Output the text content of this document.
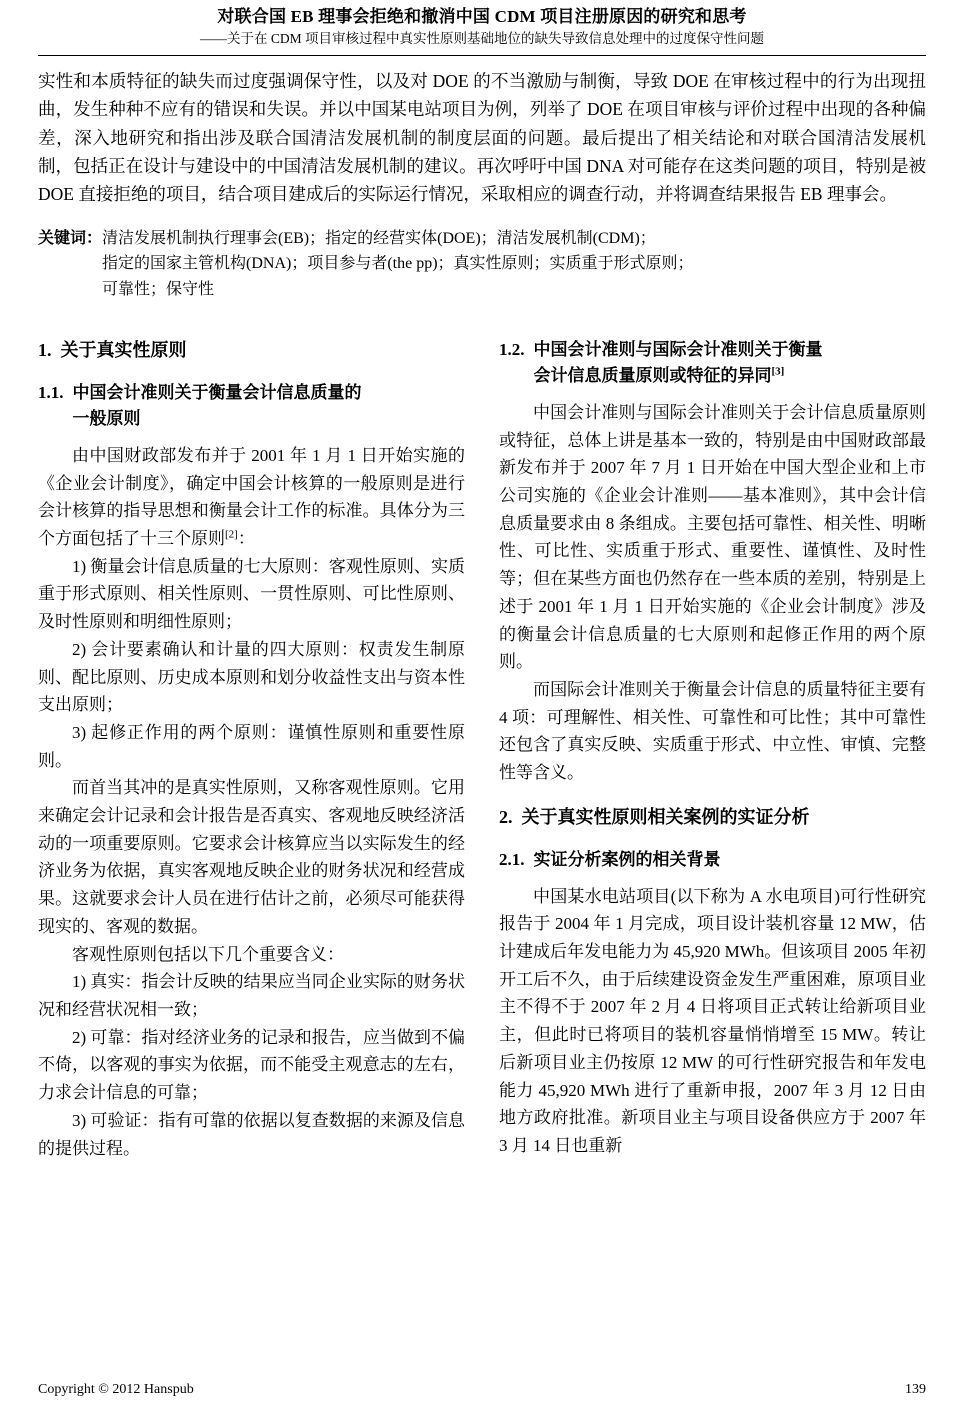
对联合国 EB 理事会拒绝和撤消中国 CDM 项目注册原因的研究和思考
——关于在 CDM 项目审核过程中真实性原则基础地位的缺失导致信息处理中的过度保守性问题

实性和本质特征的缺失而过度强调保守性，以及对 DOE 的不当激励与制衡，导致 DOE 在审核过程中的行为出现扭曲，发生种种不应有的错误和失误。并以中国某电站项目为例，列举了 DOE 在项目审核与评价过程中出现的各种偏差，深入地研究和指出涉及联合国清洁发展机制的制度层面的问题。最后提出了相关结论和对联合国清洁发展机制，包括正在设计与建设中的中国清洁发展机制的建议。再次呼吁中国 DNA 对可能存在这类问题的项目，特别是被 DOE 直接拒绝的项目，结合项目建成后的实际运行情况，采取相应的调查行动，并将调查结果报告 EB 理事会。

关键词： 清洁发展机制执行理事会(EB)；指定的经营实体(DOE)；清洁发展机制(CDM)；
指定的国家主管机构(DNA)；项目参与者(the pp)；真实性原则；实质重于形式原则；
可靠性；保守性
1. 关于真实性原则
1.1. 中国会计准则关于衡量会计信息质量的
一般原则

由中国财政部发布并于 2001 年 1 月 1 日开始实施的《企业会计制度》，确定中国会计核算的一般原则是进行会计核算的指导思想和衡量会计工作的标准。具体分为三个方面包括了十三个原则[2]：

1) 衡量会计信息质量的七大原则：客观性原则、实质重于形式原则、相关性原则、一贯性原则、可比性原则、及时性原则和明细性原则；

2) 会计要素确认和计量的四大原则：权责发生制原则、配比原则、历史成本原则和划分收益性支出与资本性支出原则；

3) 起修正作用的两个原则：谨慎性原则和重要性原则。

而首当其冲的是真实性原则，又称客观性原则。它用来确定会计记录和会计报告是否真实、客观地反映经济活动的一项重要原则。它要求会计核算应当以实际发生的经济业务为依据，真实客观地反映企业的财务状况和经营成果。这就要求会计人员在进行估计之前，必须尽可能获得现实的、客观的数据。

客观性原则包括以下几个重要含义：

1) 真实：指会计反映的结果应当同企业实际的财务状况和经营状况相一致；

2) 可靠：指对经济业务的记录和报告，应当做到不偏不倚，以客观的事实为依据，而不能受主观意志的左右，力求会计信息的可靠；

3) 可验证：指有可靠的依据以复查数据的来源及信息的提供过程。

1.2. 中国会计准则与国际会计准则关于衡量
会计信息质量原则或特征的异同[3]

中国会计准则与国际会计准则关于会计信息质量原则或特征，总体上讲是基本一致的，特别是由中国财政部最新发布并于 2007 年 7 月 1 日开始在中国大型企业和上市公司实施的《企业会计准则——基本准则》，其中会计信息质量要求由 8 条组成。主要包括可靠性、相关性、明晰性、可比性、实质重于形式、重要性、谨慎性、及时性等；但在某些方面也仍然存在一些本质的差别，特别是上述于 2001 年 1 月 1 日开始实施的《企业会计制度》涉及的衡量会计信息质量的七大原则和起修正作用的两个原则。

而国际会计准则关于衡量会计信息的质量特征主要有 4 项：可理解性、相关性、可靠性和可比性；其中可靠性还包含了真实反映、实质重于形式、中立性、审慎、完整性等含义。

2. 关于真实性原则相关案例的实证分析
2.1. 实证分析案例的相关背景

中国某水电站项目(以下称为 A 水电项目)可行性研究报告于 2004 年 1 月完成，项目设计装机容量 12 MW，估计建成后年发电能力为 45,920 MWh。但该项目 2005 年初开工后不久，由于后续建设资金发生严重困难，原项目业主不得不于 2007 年 2 月 4 日将项目正式转让给新项目业主，但此时已将项目的装机容量悄悄增至 15 MW。转让后新项目业主仍按原 12 MW 的可行性研究报告和年发电能力 45,920 MWh 进行了重新申报，2007 年 3 月 12 日由地方政府批准。新项目业主与项目设备供应方于 2007 年 3 月 14 日也重新

Copyright © 2012 Hanspub	139
